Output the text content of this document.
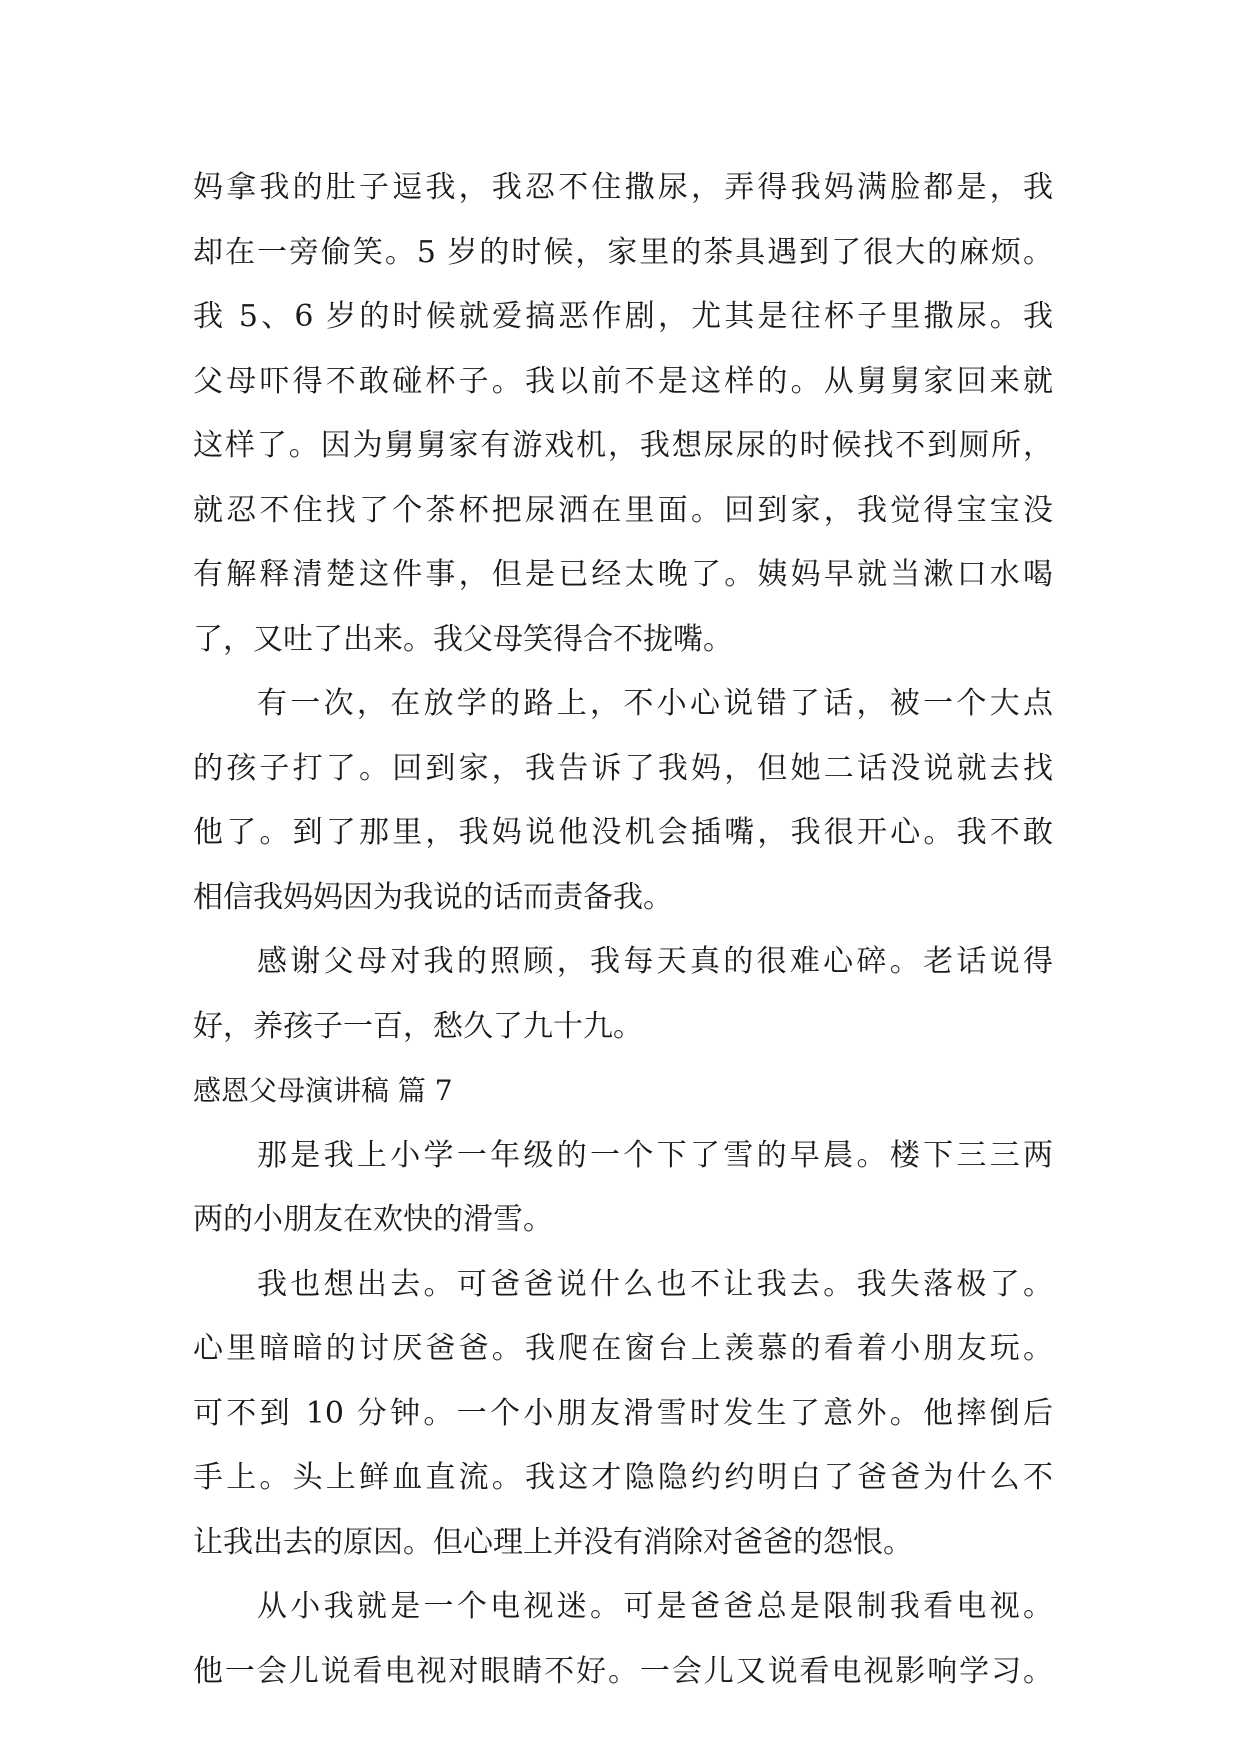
妈拿我的肚子逗我，我忍不住撒尿，弄得我妈满脸都是，我
却在一旁偷笑。5 岁的时候，家里的茶具遇到了很大的麻烦。
我 5、6 岁的时候就爱搞恶作剧，尤其是往杯子里撒尿。我
父母吓得不敢碰杯子。我以前不是这样的。从舅舅家回来就
这样了。因为舅舅家有游戏机，我想尿尿的时候找不到厕所，
就忍不住找了个茶杯把尿洒在里面。回到家，我觉得宝宝没
有解释清楚这件事，但是已经太晚了。姨妈早就当漱口水喝
了，又吐了出来。我父母笑得合不拢嘴。
有一次，在放学的路上，不小心说错了话，被一个大点
的孩子打了。回到家，我告诉了我妈，但她二话没说就去找
他了。到了那里，我妈说他没机会插嘴，我很开心。我不敢
相信我妈妈因为我说的话而责备我。
感谢父母对我的照顾，我每天真的很难心碎。老话说得
好，养孩子一百，愁久了九十九。
感恩父母演讲稿 篇 7
那是我上小学一年级的一个下了雪的早晨。楼下三三两
两的小朋友在欢快的滑雪。
我也想出去。可爸爸说什么也不让我去。我失落极了。
心里暗暗的讨厌爸爸。我爬在窗台上羡慕的看着小朋友玩。
可不到 10 分钟。一个小朋友滑雪时发生了意外。他摔倒后
手上。头上鲜血直流。我这才隐隐约约明白了爸爸为什么不
让我出去的原因。但心理上并没有消除对爸爸的怨恨。
从小我就是一个电视迷。可是爸爸总是限制我看电视。
他一会儿说看电视对眼睛不好。一会儿又说看电视影响学习。
